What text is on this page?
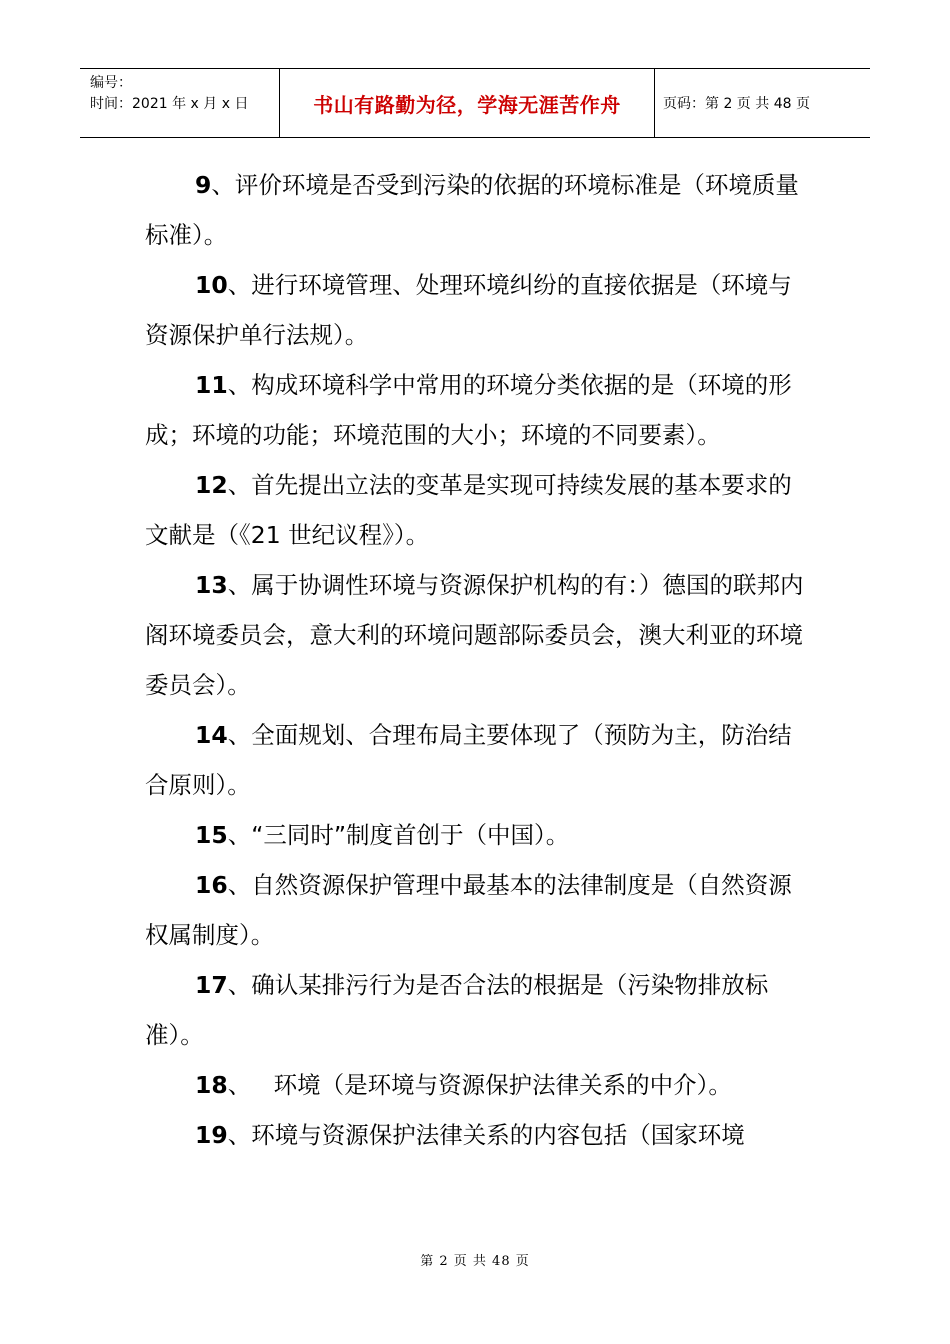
编号：
时间：2021 年 x 月 x 日	书山有路勤为径，学海无涯苦作舟	页码：第 2 页 共 48 页

9、评价环境是否受到污染的依据的环境标准是（环境质量标准）。

10、进行环境管理、处理环境纠纷的直接依据是（环境与资源保护单行法规）。

11、构成环境科学中常用的环境分类依据的是（环境的形成；环境的功能；环境范围的大小；环境的不同要素）。

12、首先提出立法的变革是实现可持续发展的基本要求的文献是（《21 世纪议程》）。

13、属于协调性环境与资源保护机构的有：）德国的联邦内阁环境委员会，意大利的环境问题部际委员会，澳大利亚的环境委员会）。

14、全面规划、合理布局主要体现了（预防为主，防治结合原则）。

15、“三同时”制度首创于（中国）。

16、自然资源保护管理中最基本的法律制度是（自然资源权属制度）。

17、确认某排污行为是否合法的根据是（污染物排放标准）。

18、   环境（是环境与资源保护法律关系的中介）。

19、环境与资源保护法律关系的内容包括（国家环境

第 2 页 共 48 页
